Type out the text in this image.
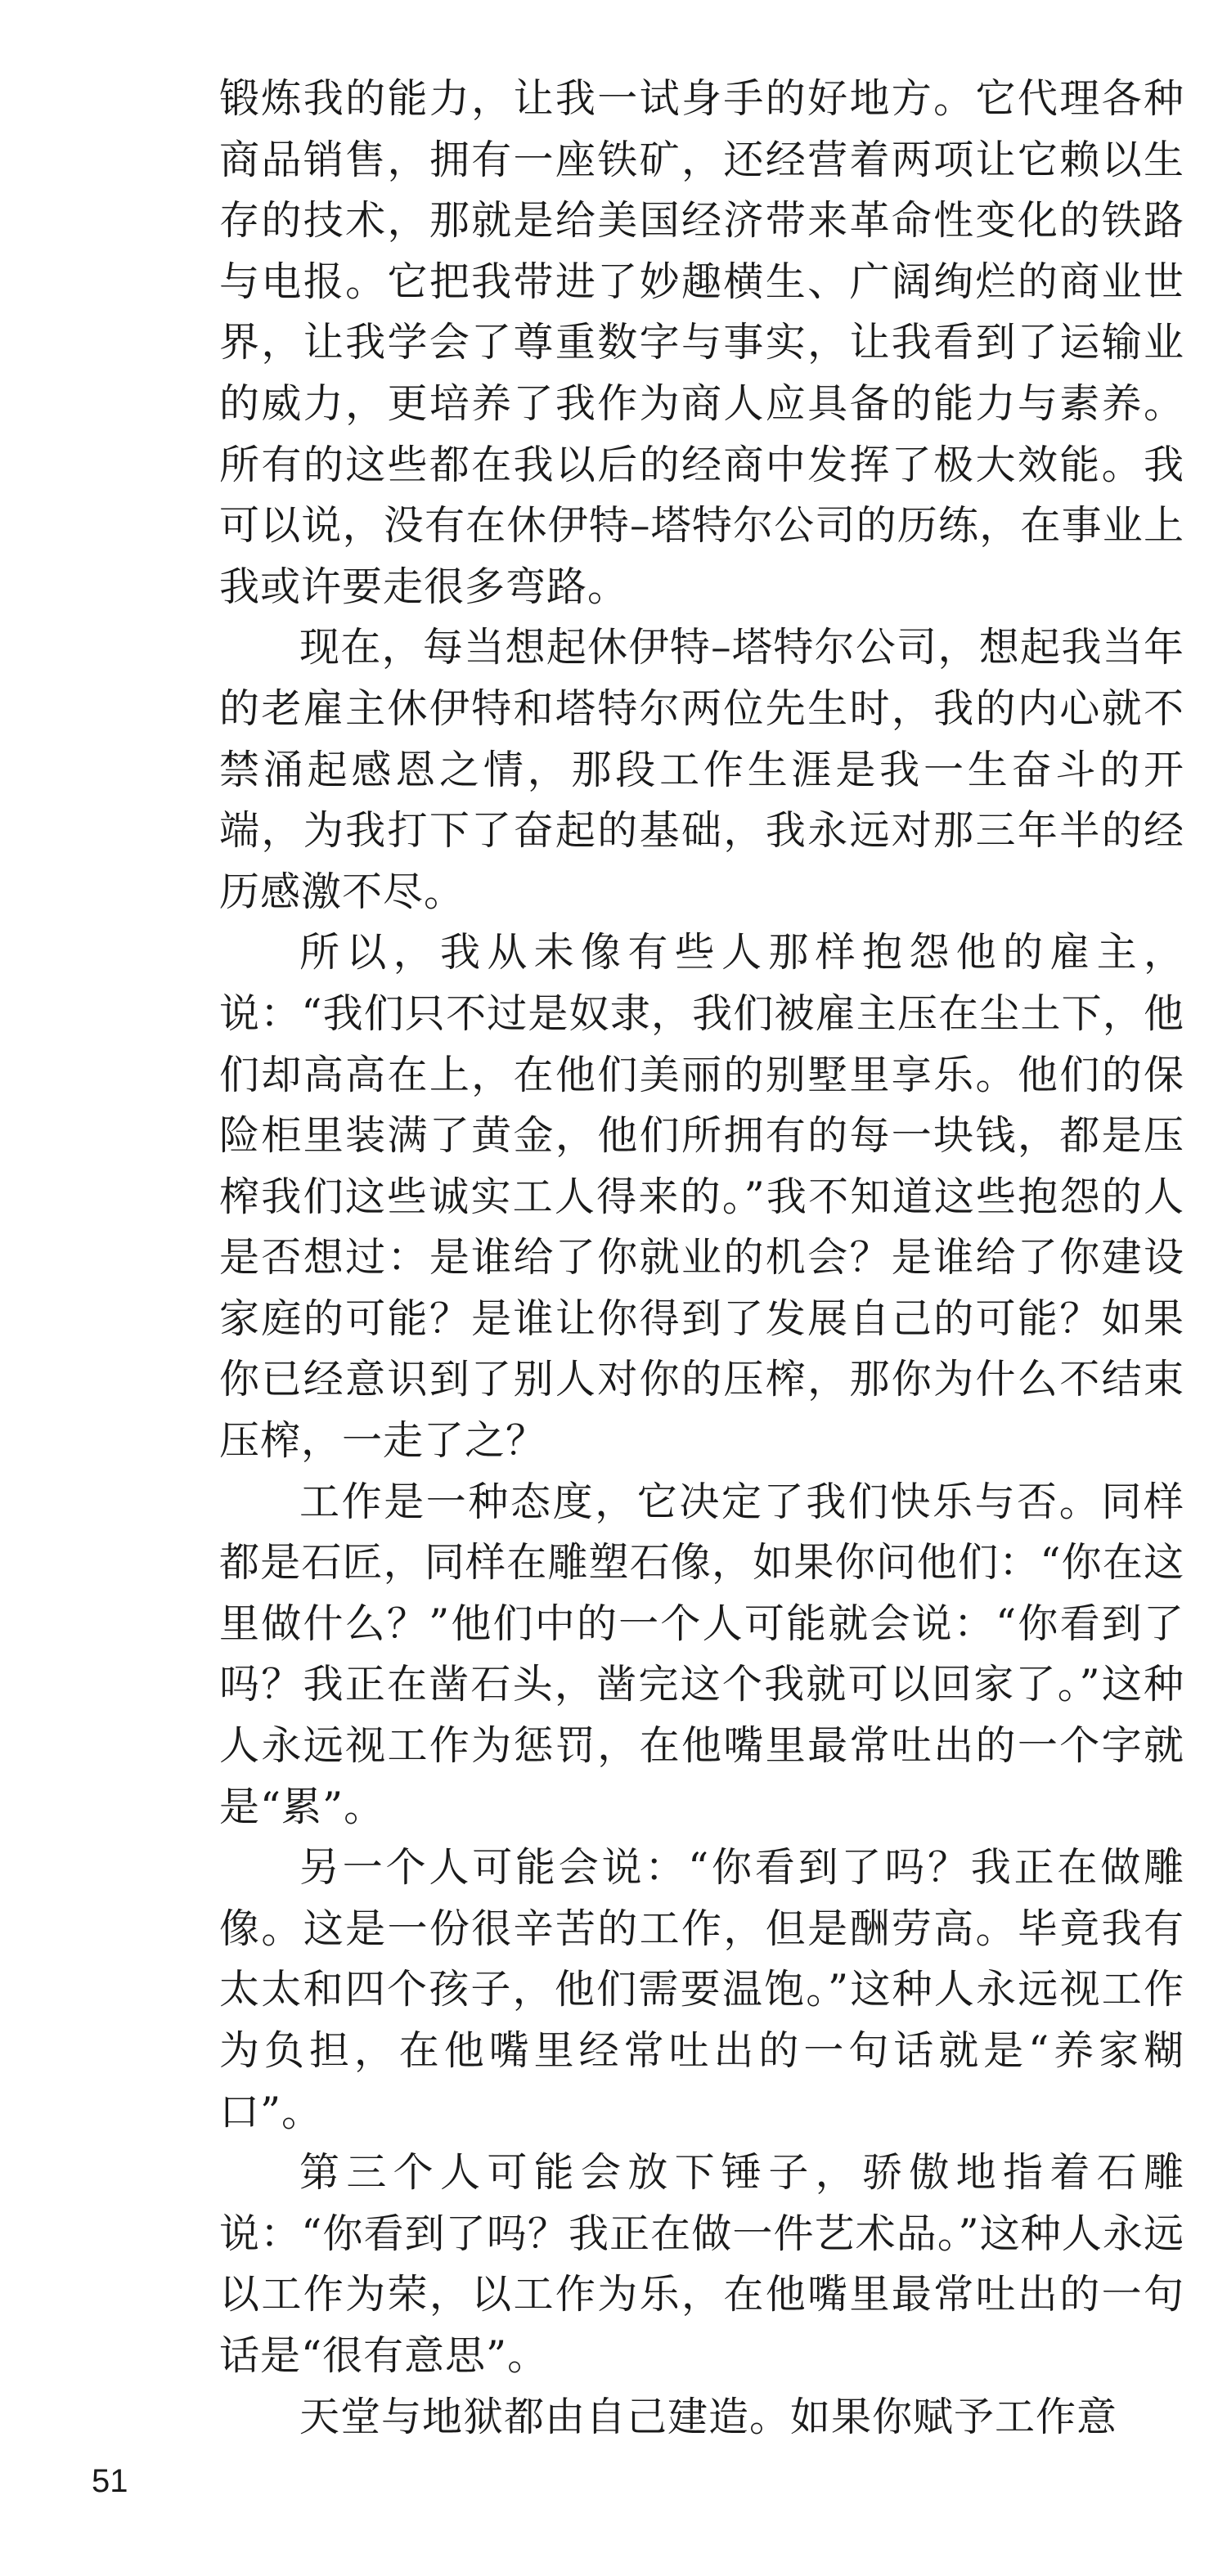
锻炼我的能力，让我一试身手的好地方。它代理各种商品销售，拥有一座铁矿，还经营着两项让它赖以生存的技术，那就是给美国经济带来革命性变化的铁路与电报。它把我带进了妙趣横生、广阔绚烂的商业世界，让我学会了尊重数字与事实，让我看到了运输业的威力，更培养了我作为商人应具备的能力与素养。所有的这些都在我以后的经商中发挥了极大效能。我可以说，没有在休伊特–塔特尔公司的历练，在事业上我或许要走很多弯路。

现在，每当想起休伊特–塔特尔公司，想起我当年的老雇主休伊特和塔特尔两位先生时，我的内心就不禁涌起感恩之情，那段工作生涯是我一生奋斗的开端，为我打下了奋起的基础，我永远对那三年半的经历感激不尽。

所以，我从未像有些人那样抱怨他的雇主，说：“我们只不过是奴隶，我们被雇主压在尘土下，他们却高高在上，在他们美丽的别墅里享乐。他们的保险柜里装满了黄金，他们所拥有的每一块钱，都是压榨我们这些诚实工人得来的。”我不知道这些抱怨的人是否想过：是谁给了你就业的机会？是谁给了你建设家庭的可能？是谁让你得到了发展自己的可能？如果你已经意识到了别人对你的压榨，那你为什么不结束压榨，一走了之？

工作是一种态度，它决定了我们快乐与否。同样都是石匠，同样在雕塑石像，如果你问他们：“你在这里做什么？”他们中的一个人可能就会说：“你看到了吗？我正在凿石头，凿完这个我就可以回家了。”这种人永远视工作为惩罚，在他嘴里最常吐出的一个字就是“累”。

另一个人可能会说：“你看到了吗？我正在做雕像。这是一份很辛苦的工作，但是酬劳高。毕竟我有太太和四个孩子，他们需要温饱。”这种人永远视工作为负担，在他嘴里经常吐出的一句话就是“养家糊口”。

第三个人可能会放下锤子，骄傲地指着石雕说：“你看到了吗？我正在做一件艺术品。”这种人永远以工作为荣，以工作为乐，在他嘴里最常吐出的一句话是“很有意思”。

天堂与地狱都由自己建造。如果你赋予工作意

51
